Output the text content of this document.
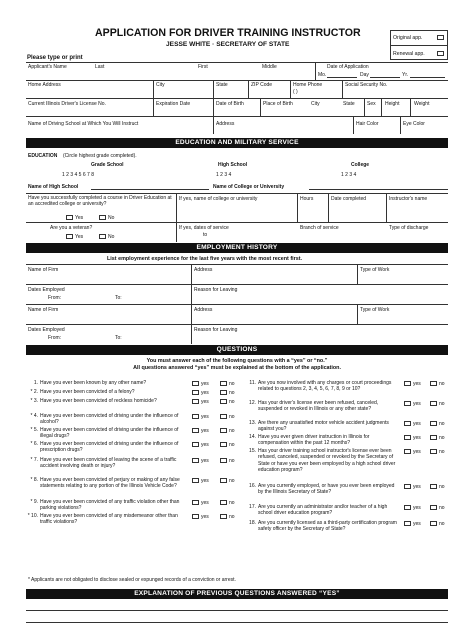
APPLICATION FOR DRIVER TRAINING INSTRUCTOR
JESSE WHITE · SECRETARY OF STATE
Original app.
Renewal app.
Please type or print
Applicant's Name	Last	First	Middle	Date of Application
Mo.	Day	Yr.
Home Address	City	State	ZIP Code	Home Phone
( )
Social Security No.
Current Illinois Driver's License No.	Expiration Date	Date of Birth	Place of Birth	City	State Sex Height	Weight
Name of Driving School at Which You Will Instruct	Address	Hair Color	Eye Color
EDUCATION AND MILITARY SERVICE
EDUCATION (Circle highest grade completed).
Grade School
1 2 3 4 5 6 7 8
High School
1 2 3 4
College
1 2 3 4
Name of High School	Name of College or University
Have you successfully completed a course in Driver Education at an accredited college or university?
Yes	No
If yes, name of college or university	Hours	Date completed	Instructor's name
Are you a veteran?
Yes	No
If yes, dates of service
to
Branch of service	Type of discharge
EMPLOYMENT HISTORY
List employment experience for the last five years with the most recent first.
Name of Firm	Address	Type of Work
Dates Employed
From:	To:
Reason for Leaving
Name of Firm	Address	Type of Work
Dates Employed
From:	To:
Reason for Leaving
QUESTIONS
You must answer each of the following questions with a “yes” or “no.”
All questions answered “yes” must be explained at the bottom of the application.
1. Have you ever been known by any other name?	yes	no
* 2. Have you ever been convicted of a felony?	yes	no
* 3. Have you ever been convicted of reckless homicide?	yes	no
* 4. Have you ever been convicted of driving under the influence of alcohol?
yes	no
* 5. Have you ever been convicted of driving under the influence of illegal drugs?
yes	no
* 6. Have you ever been convicted of driving under the influence of prescription drugs?
yes	no
* 7. Have you ever been convicted of leaving the scene of a traffic accident involving death or injury?
yes	no
* 8. Have you ever been convicted of perjury or making of any false statements relating to any portion of the Illinois Vehicle Code?
yes	no
* 9. Have you ever been convicted of any traffic violation other than parking violations?
yes	no
* 10. Have you ever been convicted of any misdemeanor other than traffic violations?
yes	no
11. Are you now involved with any charges or court proceedings related to questions 2, 3, 4, 5, 6, 7, 8, 9 or 10?
yes	no
12. Has your driver's license ever been refused, canceled, suspended or revoked in Illinois or any other state?
yes	no
13. Are there any unsatisfied motor vehicle accident judgments against you?
yes	no
14. Have you ever given driver instruction in Illinois for compensation within the past 12 months?
yes	no
15. Has your driver training school instructor's license ever been refused, canceled, suspended or revoked by the Secretary of State or have you ever been employed by a high school driver education program?
yes	no
16. Are you currently employed, or have you ever been employed by the Illinois Secretary of State?
yes	no
17. Are you currently an administrator and/or teacher of a high school driver education program?
yes	no
18. Are you currently licensed as a third-party certification program safety officer by the Secretary of State?
yes	no
* Applicants are not obligated to disclose sealed or expunged records of a conviction or arrest.
EXPLANATION OF PREVIOUS QUESTIONS ANSWERED “YES”
